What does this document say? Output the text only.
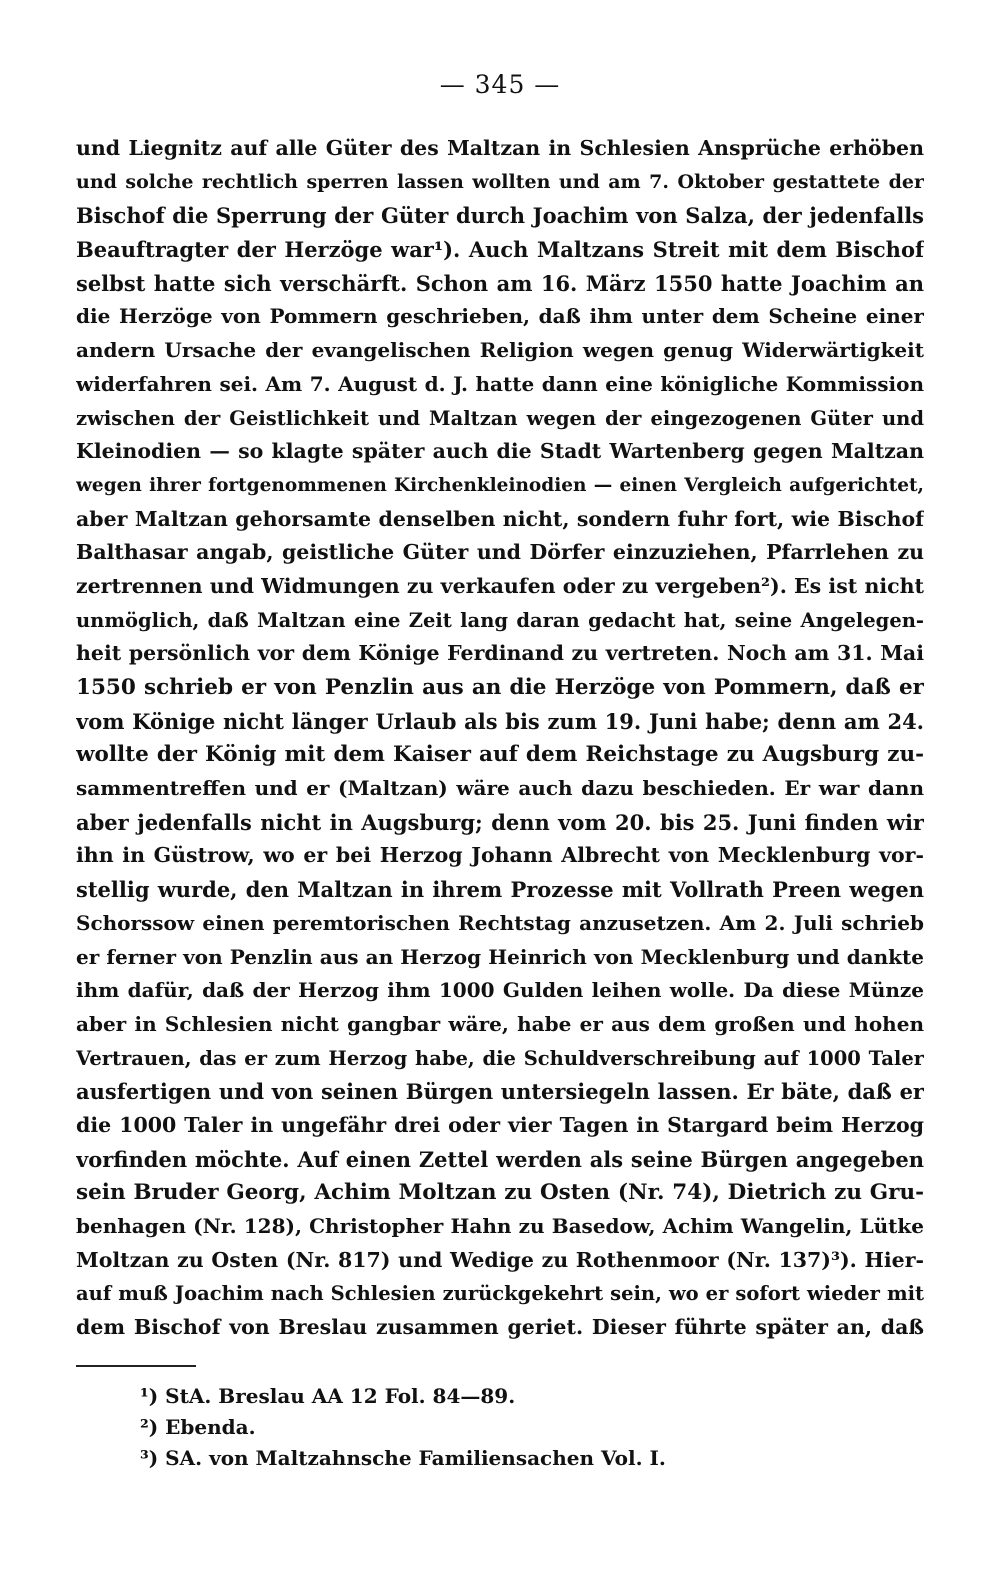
— 345 —
und Liegnitz auf alle Güter des Maltzan in Schlesien Ansprüche erhöben
und solche rechtlich sperren lassen wollten und am 7. Oktober gestattete der
Bischof die Sperrung der Güter durch Joachim von Salza, der jedenfalls
Beauftragter der Herzöge war¹). Auch Maltzans Streit mit dem Bischof
selbst hatte sich verschärft. Schon am 16. März 1550 hatte Joachim an
die Herzöge von Pommern geschrieben, daß ihm unter dem Scheine einer
andern Ursache der evangelischen Religion wegen genug Widerwärtigkeit
widerfahren sei. Am 7. August d. J. hatte dann eine königliche Kommission
zwischen der Geistlichkeit und Maltzan wegen der eingezogenen Güter und
Kleinodien — so klagte später auch die Stadt Wartenberg gegen Maltzan
wegen ihrer fortgenommenen Kirchenkleinodien — einen Vergleich aufgerichtet,
aber Maltzan gehorsamte denselben nicht, sondern fuhr fort, wie Bischof
Balthasar angab, geistliche Güter und Dörfer einzuziehen, Pfarrlehen zu
zertrennen und Widmungen zu verkaufen oder zu vergeben²). Es ist nicht
unmöglich, daß Maltzan eine Zeit lang daran gedacht hat, seine Angelegen-
heit persönlich vor dem Könige Ferdinand zu vertreten. Noch am 31. Mai
1550 schrieb er von Penzlin aus an die Herzöge von Pommern, daß er
vom Könige nicht länger Urlaub als bis zum 19. Juni habe; denn am 24.
wollte der König mit dem Kaiser auf dem Reichstage zu Augsburg zu-
sammentreffen und er (Maltzan) wäre auch dazu beschieden. Er war dann
aber jedenfalls nicht in Augsburg; denn vom 20. bis 25. Juni finden wir
ihn in Güstrow, wo er bei Herzog Johann Albrecht von Mecklenburg vor-
stellig wurde, den Maltzan in ihrem Prozesse mit Vollrath Preen wegen
Schorssow einen peremtorischen Rechtstag anzusetzen. Am 2. Juli schrieb
er ferner von Penzlin aus an Herzog Heinrich von Mecklenburg und dankte
ihm dafür, daß der Herzog ihm 1000 Gulden leihen wolle. Da diese Münze
aber in Schlesien nicht gangbar wäre, habe er aus dem großen und hohen
Vertrauen, das er zum Herzog habe, die Schuldverschreibung auf 1000 Taler
ausfertigen und von seinen Bürgen untersiegeln lassen. Er bäte, daß er
die 1000 Taler in ungefähr drei oder vier Tagen in Stargard beim Herzog
vorfinden möchte. Auf einen Zettel werden als seine Bürgen angegeben
sein Bruder Georg, Achim Moltzan zu Osten (Nr. 74), Dietrich zu Gru-
benhagen (Nr. 128), Christopher Hahn zu Basedow, Achim Wangelin, Lütke
Moltzan zu Osten (Nr. 817) und Wedige zu Rothenmoor (Nr. 137)³). Hier-
auf muß Joachim nach Schlesien zurückgekehrt sein, wo er sofort wieder mit
dem Bischof von Breslau zusammen geriet. Dieser führte später an, daß
¹) StA. Breslau AA 12 Fol. 84—89.
²) Ebenda.
³) SA. von Maltzahnsche Familiensachen Vol. I.
